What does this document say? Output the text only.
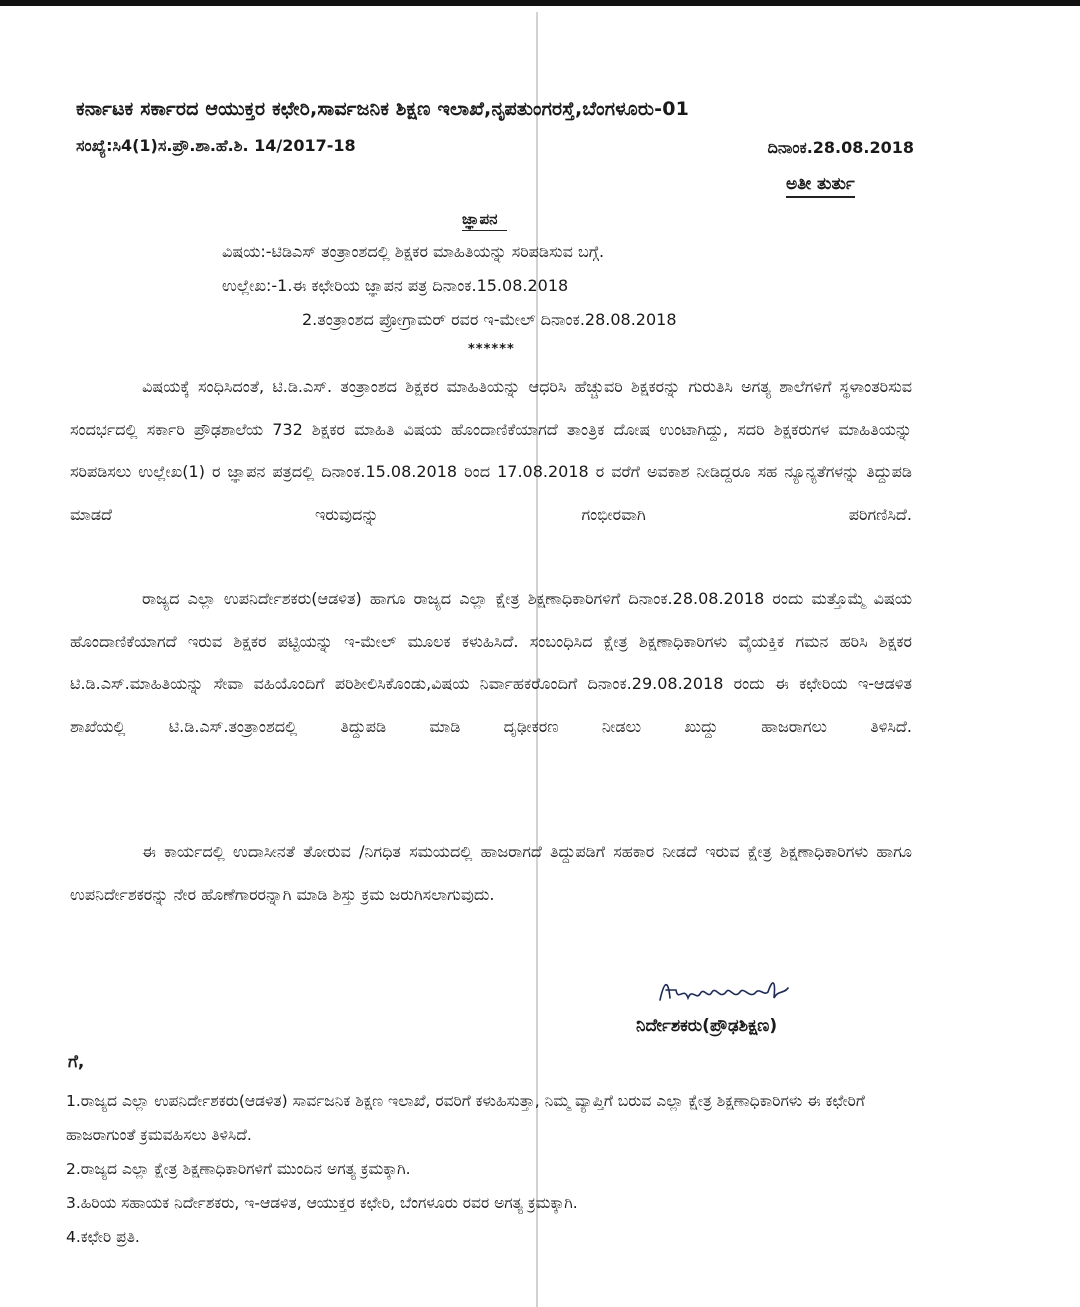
ಕರ್ನಾಟಕ ಸರ್ಕಾರದ ಆಯುಕ್ತರ ಕಛೇರಿ,ಸಾರ್ವಜನಿಕ ಶಿಕ್ಷಣ ಇಲಾಖೆ,ನೃಪತುಂಗರಸ್ತೆ,ಬೆಂಗಳೂರು-01

ಸಂಖ್ಯೆ:ಸಿ4(1)ಸ.ಪ್ರೌ.ಶಾ.ಹೆ.ಶಿ. 14/2017-18	ದಿನಾಂಕ.28.08.2018

ಅತೀ ತುರ್ತು

ಜ್ಞಾಪನ

ವಿಷಯ:-ಟಿಡಿಎಸ್ ತಂತ್ರಾಂಶದಲ್ಲಿ ಶಿಕ್ಷಕರ ಮಾಹಿತಿಯನ್ನು ಸರಿಪಡಿಸುವ ಬಗ್ಗೆ.

ಉಲ್ಲೇಖ:-1.ಈ ಕಛೇರಿಯ ಜ್ಞಾಪನ ಪತ್ರ ದಿನಾಂಕ.15.08.2018

2.ತಂತ್ರಾಂಶದ ಪ್ರೋಗ್ರಾಮರ್ ರವರ ಇ-ಮೇಲ್ ದಿನಾಂಕ.28.08.2018

******

ವಿಷಯಕ್ಕೆ ಸಂಧಿಸಿದಂತೆ, ಟಿ.ಡಿ.ಎಸ್. ತಂತ್ರಾಂಶದ ಶಿಕ್ಷಕರ ಮಾಹಿತಿಯನ್ನು ಆಧರಿಸಿ ಹೆಚ್ಚುವರಿ ಶಿಕ್ಷಕರನ್ನು ಗುರುತಿಸಿ ಅಗತ್ಯ ಶಾಲೆಗಳಿಗೆ ಸ್ಥಳಾಂತರಿಸುವ ಸಂದರ್ಭದಲ್ಲಿ ಸರ್ಕಾರಿ ಪ್ರೌಢಶಾಲೆಯ 732 ಶಿಕ್ಷಕರ ಮಾಹಿತಿ ವಿಷಯ ಹೊಂದಾಣಿಕೆಯಾಗದೆ ತಾಂತ್ರಿಕ ದೋಷ ಉಂಟಾಗಿದ್ದು, ಸದರಿ ಶಿಕ್ಷಕರುಗಳ ಮಾಹಿತಿಯನ್ನು ಸರಿಪಡಿಸಲು ಉಲ್ಲೇಖ(1) ರ ಜ್ಞಾಪನ ಪತ್ರದಲ್ಲಿ ದಿನಾಂಕ.15.08.2018 ರಿಂದ 17.08.2018 ರ ವರೆಗೆ ಅವಕಾಶ ನೀಡಿದ್ದರೂ ಸಹ ನ್ಯೂನ್ಯತೆಗಳನ್ನು ತಿದ್ದುಪಡಿ ಮಾಡದೆ ಇರುವುದನ್ನು ಗಂಭೀರವಾಗಿ ಪರಿಗಣಿಸಿದೆ.

ರಾಜ್ಯದ ಎಲ್ಲಾ ಉಪನಿರ್ದೇಶಕರು(ಆಡಳಿತ) ಹಾಗೂ ರಾಜ್ಯದ ಎಲ್ಲಾ ಕ್ಷೇತ್ರ ಶಿಕ್ಷಣಾಧಿಕಾರಿಗಳಿಗೆ ದಿನಾಂಕ.28.08.2018 ರಂದು ಮತ್ತೊಮ್ಮೆ ವಿಷಯ ಹೊಂದಾಣಿಕೆಯಾಗದೆ ಇರುವ ಶಿಕ್ಷಕರ ಪಟ್ಟಿಯನ್ನು ಇ-ಮೇಲ್ ಮೂಲಕ ಕಳುಹಿಸಿದೆ. ಸಂಬಂಧಿಸಿದ ಕ್ಷೇತ್ರ ಶಿಕ್ಷಣಾಧಿಕಾರಿಗಳು ವೈಯಕ್ತಿಕ ಗಮನ ಹರಿಸಿ ಶಿಕ್ಷಕರ ಟಿ.ಡಿ.ಎಸ್.ಮಾಹಿತಿಯನ್ನು ಸೇವಾ ವಹಿಯೊಂದಿಗೆ ಪರಿಶೀಲಿಸಿಕೊಂಡು,ವಿಷಯ ನಿರ್ವಾಹಕರೊಂದಿಗೆ ದಿನಾಂಕ.29.08.2018 ರಂದು ಈ ಕಛೇರಿಯ ಇ-ಆಡಳಿತ ಶಾಖೆಯಲ್ಲಿ ಟಿ.ಡಿ.ಎಸ್.ತಂತ್ರಾಂಶದಲ್ಲಿ ತಿದ್ದುಪಡಿ ಮಾಡಿ ದೃಢೀಕರಣ ನೀಡಲು ಖುದ್ದು ಹಾಜರಾಗಲು ತಿಳಿಸಿದೆ.

ಈ ಕಾರ್ಯದಲ್ಲಿ ಉದಾಸೀನತೆ ತೋರುವ /ನಿಗಧಿತ ಸಮಯದಲ್ಲಿ ಹಾಜರಾಗದೆ ತಿದ್ದುಪಡಿಗೆ ಸಹಕಾರ ನೀಡದೆ ಇರುವ ಕ್ಷೇತ್ರ ಶಿಕ್ಷಣಾಧಿಕಾರಿಗಳು ಹಾಗೂ ಉಪನಿರ್ದೇಶಕರನ್ನು ನೇರ ಹೊಣೆಗಾರರನ್ನಾಗಿ ಮಾಡಿ ಶಿಸ್ತು ಕ್ರಮ ಜರುಗಿಸಲಾಗುವುದು.

ನಿರ್ದೇಶಕರು(ಪ್ರೌಢಶಿಕ್ಷಣ)

ಗೆ,

1.ರಾಜ್ಯದ ಎಲ್ಲಾ ಉಪನಿರ್ದೇಶಕರು(ಆಡಳಿತ) ಸಾರ್ವಜನಿಕ ಶಿಕ್ಷಣ ಇಲಾಖೆ, ರವರಿಗೆ ಕಳುಹಿಸುತ್ತಾ, ನಿಮ್ಮ ವ್ಯಾಪ್ತಿಗೆ ಬರುವ ಎಲ್ಲಾ ಕ್ಷೇತ್ರ ಶಿಕ್ಷಣಾಧಿಕಾರಿಗಳು ಈ ಕಛೇರಿಗೆ ಹಾಜರಾಗುಂತೆ ಕ್ರಮವಹಿಸಲು ತಿಳಿಸಿದೆ.

2.ರಾಜ್ಯದ ಎಲ್ಲಾ ಕ್ಷೇತ್ರ ಶಿಕ್ಷಣಾಧಿಕಾರಿಗಳಿಗೆ ಮುಂದಿನ ಅಗತ್ಯ ಕ್ರಮಕ್ಕಾಗಿ.

3.ಹಿರಿಯ ಸಹಾಯಕ ನಿರ್ದೇಶಕರು, ಇ-ಆಡಳಿತ, ಆಯುಕ್ತರ ಕಛೇರಿ, ಬೆಂಗಳೂರು ರವರ ಅಗತ್ಯ ಕ್ರಮಕ್ಕಾಗಿ.

4.ಕಛೇರಿ ಪ್ರತಿ.
